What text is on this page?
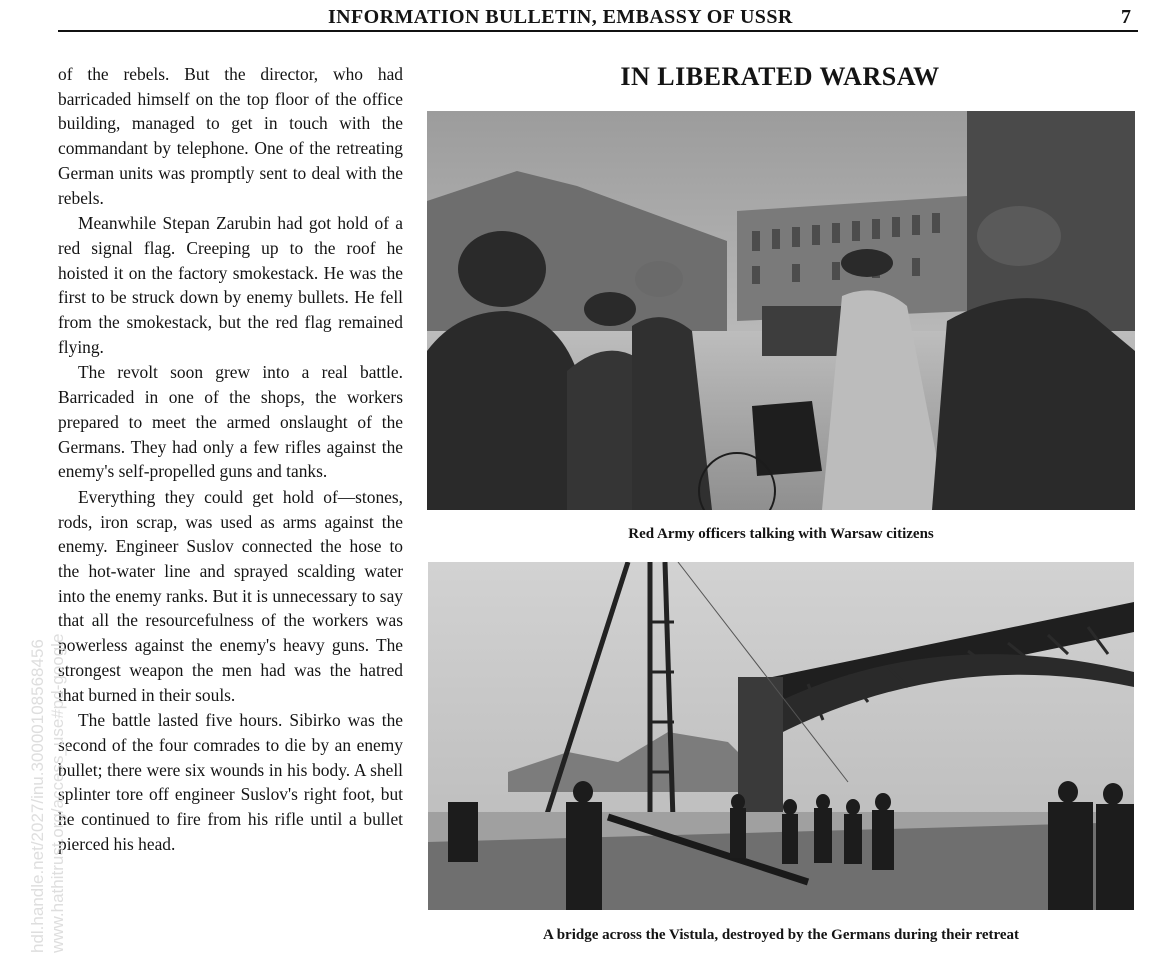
INFORMATION BULLETIN, EMBASSY OF USSR	7

of the rebels. But the director, who had barricaded himself on the top floor of the office building, managed to get in touch with the commandant by telephone. One of the retreating German units was promptly sent to deal with the rebels.

Meanwhile Stepan Zarubin had got hold of a red signal flag. Creeping up to the roof he hoisted it on the factory smokestack. He was the first to be struck down by enemy bullets. He fell from the smokestack, but the red flag remained flying.

The revolt soon grew into a real battle. Barricaded in one of the shops, the workers prepared to meet the armed onslaught of the Germans. They had only a few rifles against the enemy's self-propelled guns and tanks.

Everything they could get hold of—stones, rods, iron scrap, was used as arms against the enemy. Engineer Suslov connected the hose to the hot-water line and sprayed scalding water into the enemy ranks. But it is unnecessary to say that all the resourcefulness of the workers was powerless against the enemy's heavy guns. The strongest weapon the men had was the hatred that burned in their souls.

The battle lasted five hours. Sibirko was the second of the four comrades to die by an enemy bullet; there were six wounds in his body. A shell splinter tore off engineer Suslov's right foot, but he continued to fire from his rifle until a bullet pierced his head.

IN LIBERATED WARSAW
Red Army officers talking with Warsaw citizens
A bridge across the Vistula, destroyed by the Germans during their retreat
hdl.handle.net/2027/inu.30000108568456 www.hathitrust.org/access_use#pd-google
